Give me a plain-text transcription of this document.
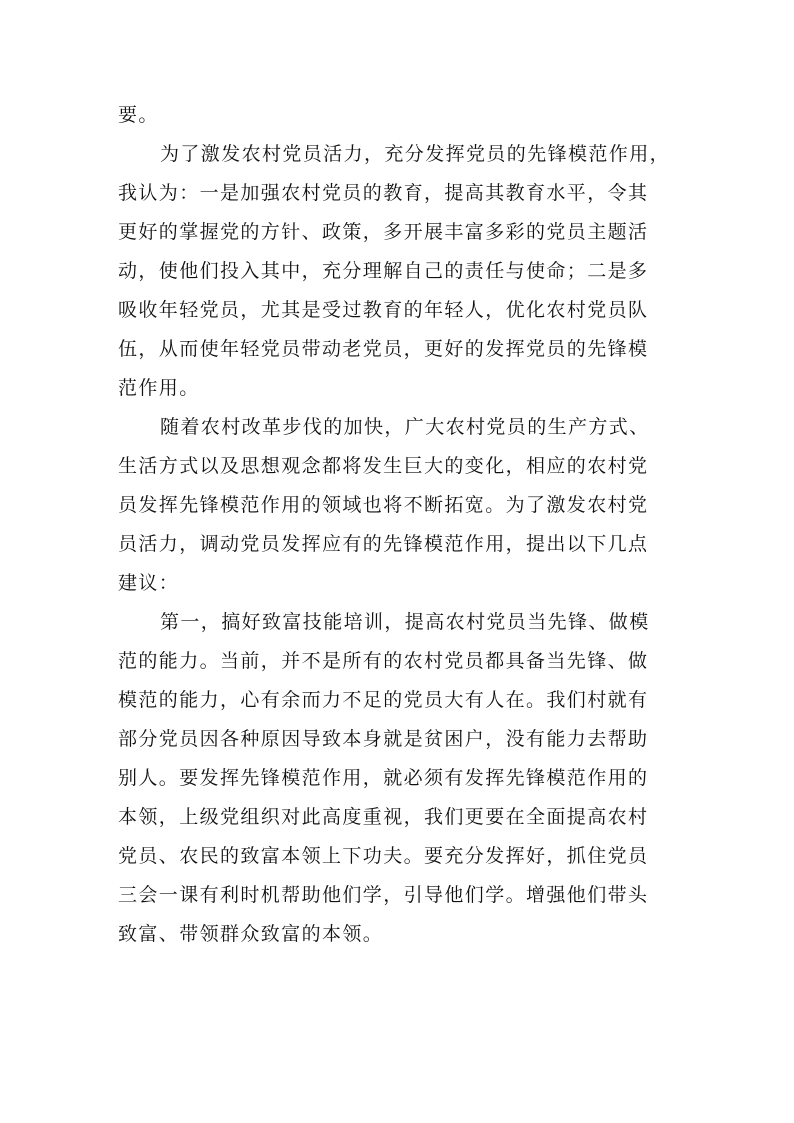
要。

为了激发农村党员活力，充分发挥党员的先锋模范作用，
我认为：一是加强农村党员的教育，提高其教育水平，令其
更好的掌握党的方针、政策，多开展丰富多彩的党员主题活
动，使他们投入其中，充分理解自己的责任与使命；二是多
吸收年轻党员，尤其是受过教育的年轻人，优化农村党员队
伍，从而使年轻党员带动老党员，更好的发挥党员的先锋模
范作用。

随着农村改革步伐的加快，广大农村党员的生产方式、
生活方式以及思想观念都将发生巨大的变化，相应的农村党
员发挥先锋模范作用的领域也将不断拓宽。为了激发农村党
员活力，调动党员发挥应有的先锋模范作用，提出以下几点
建议：

第一，搞好致富技能培训，提高农村党员当先锋、做模
范的能力。当前，并不是所有的农村党员都具备当先锋、做
模范的能力，心有余而力不足的党员大有人在。我们村就有
部分党员因各种原因导致本身就是贫困户，没有能力去帮助
别人。要发挥先锋模范作用，就必须有发挥先锋模范作用的
本领，上级党组织对此高度重视，我们更要在全面提高农村
党员、农民的致富本领上下功夫。要充分发挥好，抓住党员
三会一课有利时机帮助他们学，引导他们学。增强他们带头
致富、带领群众致富的本领。
